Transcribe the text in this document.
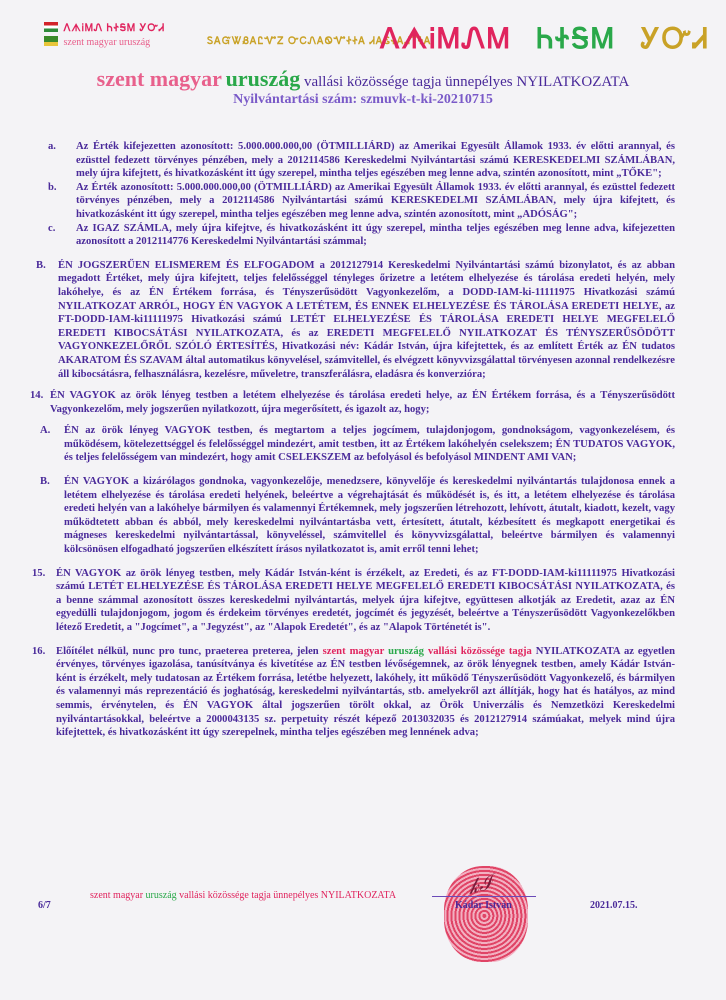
ᐱᗑᎥᎷᏁ ᏂᏐᎦᎷ ᎩᏅᏗ
szent magyar uruszág	ᏚᎪᏳᏔᏰᎪᏝᏉᏃ ᏅᏟᏁᎪᏫᏉᏐᏐᎪ ᏗᎪᏋᏐᎪᏗᎢᏐᎪ
ᐱᗑᎥᎷᏁᎷ ᏂᏐᎦᎷ ᎩᏅᏗ
szent magyar uruszág vallási közössége tagja ünnepélyes NYILATKOZATA
Nyilvántartási szám: szmuvk-t-ki-20210715
a.	Az Érték kifejezetten azonosított: 5.000.000.000,00 (ÖTMILLIÁRD) az Amerikai Egyesült Államok 1933. év előtti arannyal, és ezüsttel fedezett törvényes pénzében, mely a 2012114586 Kereskedelmi Nyilvántartási számú KERESKEDELMI SZÁMLÁBAN, mely újra kifejtett, és hivatkozásként itt úgy szerepel, mintha teljes egészében meg lenne adva, szintén azonosított, mint „TŐKE";
b.	Az Érték azonosított: 5.000.000.000,00 (ÖTMILLIÁRD) az Amerikai Egyesült Államok 1933. év előtti arannyal, és ezüsttel fedezett törvényes pénzében, mely a 2012114586 Nyilvántartási számú KERESKEDELMI SZÁMLÁBAN, mely újra kifejtett, és hivatkozásként itt úgy szerepel, mintha teljes egészében meg lenne adva, szintén azonosított, mint „ADÓSÁG";
c.	Az IGAZ SZÁMLA, mely újra kifejtve, és hivatkozásként itt úgy szerepel, mintha teljes egészében meg lenne adva, kifejezetten azonosított a 2012114776 Kereskedelmi Nyilvántartási számmal;
B.	ÉN JOGSZERŰEN ELISMEREM ÉS ELFOGADOM a 2012127914 Kereskedelmi Nyilvántartási számú bizonylatot, és az abban megadott Értéket, mely újra kifejtett, teljes felelősséggel tényleges őrizetre a letétem elhelyezése és tárolása eredeti helyén, mely lakóhelye, és az ÉN Értékem forrása, és Tényszerűsödött Vagyonkezelőm, a DODD-IAM-ki-11111975 Hivatkozási számú NYILATKOZAT ARRÓL, HOGY ÉN VAGYOK A LETÉTEM, ÉS ENNEK ELHELYEZÉSE ÉS TÁROLÁSA EREDETI HELYE, az FT-DODD-IAM-ki11111975 Hivatkozási számú LETÉT ELHELYEZÉSE ÉS TÁROLÁSA EREDETI HELYE MEGFELELŐ EREDETI KIBOCSÁTÁSI NYILATKOZATA, és az EREDETI MEGFELELŐ NYILATKOZAT ÉS TÉNYSZERŰSÖDÖTT VAGYONKEZELŐRŐL SZÓLÓ ÉRTESÍTÉS, Hivatkozási név: Kádár István, újra kifejtettek, és az említett Érték az ÉN tudatos AKARATOM ÉS SZAVAM által automatikus könyvelésel, számvitellel, és elvégzett könyvvizsgálattal törvényesen azonnal rendelkezésre áll kibocsátásra, felhasználásra, kezelésre, műveletre, transzferálásra, eladásra és konverzióra;
14. ÉN VAGYOK az örök lényeg testben a letétem elhelyezése és tárolása eredeti helye, az ÉN Értékem forrása, és a Tényszerűsödött Vagyonkezelőm, mely jogszerűen nyilatkozott, újra megerősített, és igazolt az, hogy;
A.	ÉN az örök lényeg VAGYOK testben, és megtartom a teljes jogcímem, tulajdonjogom, gondnokságom, vagyonkezelésem, és működésem, kötelezettséggel és felelősséggel mindezért, amit testben, itt az Értékem lakóhelyén cselekszem; ÉN TUDATOS VAGYOK, és teljes felelősségem van mindezért, hogy amit CSELEKSZEM az befolyásol és befolyásol MINDENT AMI VAN;
B.	ÉN VAGYOK a kizárólagos gondnoka, vagyonkezelője, menedzsere, könyvelője és kereskedelmi nyilvántartás tulajdonosa ennek a letétem elhelyezése és tárolása eredeti helyének, beleértve a végrehajtását és működését is, és itt, a letétem elhelyezése és tárolása eredeti helyén van a lakóhelye bármilyen és valamennyi Értékemnek, mely jogszerűen létrehozott, lehívott, átutalt, kiadott, kezelt, vagy működtetett abban és abból, mely kereskedelmi nyilvántartásba vett, értesített, átutalt, kézbesített és megkapott energetikai és mágneses kereskedelmi nyilvántartással, könyveléssel, számvitellel és könyvvizsgálattal, beleértve bármilyen és valamennyi kölcsönösen elfogadható jogszerűen elkészített írásos nyilatkozatot is, amit erről tenni lehet;
15.	ÉN VAGYOK az örök lényeg testben, mely Kádár István-ként is érzékelt, az Eredeti, és az FT-DODD-IAM-ki11111975 Hivatkozási számú LETÉT ELHELYEZÉSE ÉS TÁROLÁSA EREDETI HELYE MEGFELELŐ EREDETI KIBOCSÁTÁSI NYILATKOZATA, és a benne számmal azonosított összes kereskedelmi nyilvántartás, melyek újra kifejtve, együttesen alkotják az Eredetit, azaz az ÉN egyedülli tulajdonjogom, jogom és érdekeim törvényes eredetét, jogcímét és jegyzését, beleértve a Tényszerűsödött Vagyonkezelőkben létező Eredetit, a "Jogcímet", a "Jegyzést", az "Alapok Eredetét", és az "Alapok Történetét is".
16.	Előítélet nélkül, nunc pro tunc, praeterea preterea, jelen szent magyar uruszág vallási közössége tagja NYILATKOZATA az egyetlen érvényes, törvényes igazolása, tanúsítványa és kivetítése az ÉN testben lévőségemnek, az örök lényegnek testben, amely Kádár István-ként is érzékelt, mely tudatosan az Értékem forrása, letétbe helyezett, lakóhely, itt működő Tényszerűsödött Vagyonkezelő, és bármilyen és valamennyi más reprezentáció és joghatóság, kereskedelmi nyilvántartás, stb. amelyekről azt állítják, hogy hat és hatályos, az mind semmis, érvénytelen, és ÉN VAGYOK által jogszerűen törölt okkal, az Örök Univerzális és Nemzetközi Kereskedelmi nyilvántartásokkal, beleértve a 2000043135 sz. perpetuity részét képező 2013032035 és 2012127914 számúakat, melyek mind újra kifejtettek, és hivatkozásként itt úgy szerepelnek, mintha teljes egészében meg lennének adva;
szent magyar uruszág vallási közössége tagja ünnepélyes NYILATKOZATA
6/7
𝓀ℐ
Kádár István	2021.07.15.
